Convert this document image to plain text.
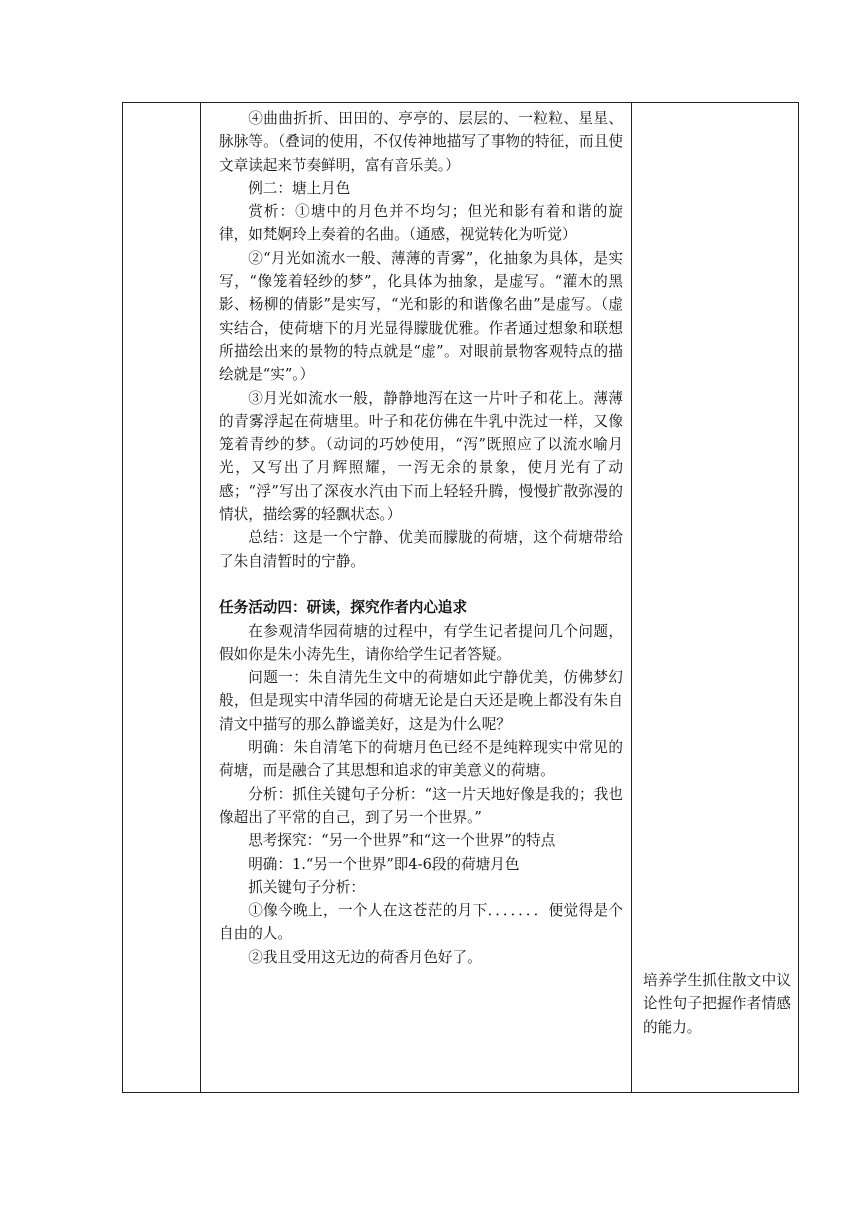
④曲曲折折、田田的、亭亭的、层层的、一粒粒、星星、脉脉等。（叠词的使用，不仅传神地描写了事物的特征，而且使文章读起来节奏鲜明，富有音乐美。）

例二：塘上月色

赏析：①塘中的月色并不均匀；但光和影有着和谐的旋律，如梵婀玲上奏着的名曲。（通感，视觉转化为听觉）

②“月光如流水一般、薄薄的青雾”，化抽象为具体，是实写，“像笼着轻纱的梦”，化具体为抽象，是虚写。“灌木的黑影、杨柳的倩影”是实写，“光和影的和谐像名曲”是虚写。（虚实结合，使荷塘下的月光显得朦胧优雅。作者通过想象和联想所描绘出来的景物的特点就是“虚”。对眼前景物客观特点的描绘就是“实”。）

③月光如流水一般，静静地泻在这一片叶子和花上。薄薄的青雾浮起在荷塘里。叶子和花仿佛在牛乳中洗过一样，又像笼着青纱的梦。（动词的巧妙使用，“泻”既照应了以流水喻月光，又写出了月辉照耀，一泻无余的景象，使月光有了动感；“浮”写出了深夜水汽由下而上轻轻升腾，慢慢扩散弥漫的情状，描绘雾的轻飘状态。）

总结：这是一个宁静、优美而朦胧的荷塘，这个荷塘带给了朱自清暂时的宁静。

任务活动四：研读，探究作者内心追求

在参观清华园荷塘的过程中，有学生记者提问几个问题，假如你是朱小涛先生，请你给学生记者答疑。

问题一：朱自清先生文中的荷塘如此宁静优美，仿佛梦幻般，但是现实中清华园的荷塘无论是白天还是晚上都没有朱自清文中描写的那么静谧美好，这是为什么呢？

明确：朱自清笔下的荷塘月色已经不是纯粹现实中常见的荷塘，而是融合了其思想和追求的审美意义的荷塘。

分析：抓住关键句子分析：“这一片天地好像是我的；我也像超出了平常的自己，到了另一个世界。”

思考探究：“另一个世界”和“这一个世界”的特点

明确：1.“另一个世界”即4-6段的荷塘月色

抓关键句子分析：

①像今晚上，一个人在这苍茫的月下．．．．．．．便觉得是个自由的人。

②我且受用这无边的荷香月色好了。

培养学生抓住散文中议论性句子把握作者情感的能力。
